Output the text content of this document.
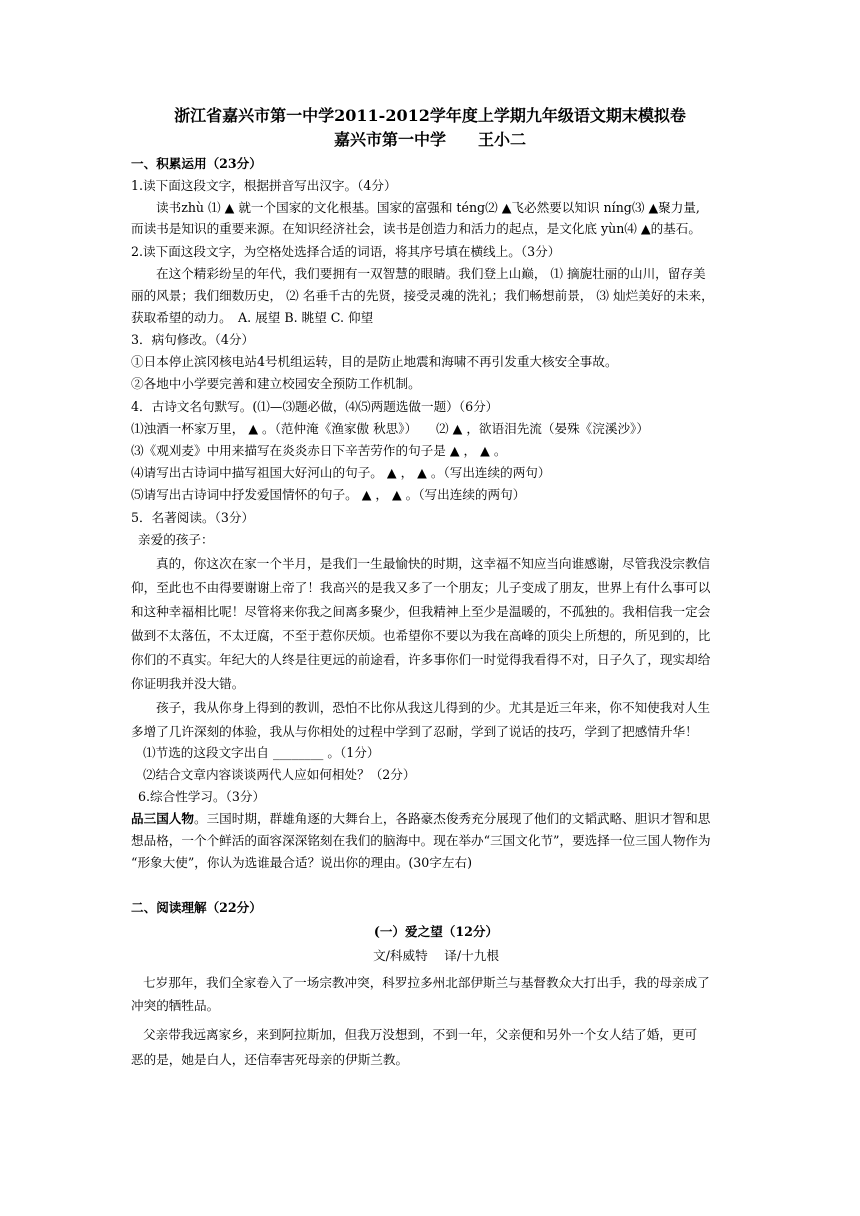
浙江省嘉兴市第一中学2011-2012学年度上学期九年级语文期末模拟卷
嘉兴市第一中学　　王小二
一、积累运用（23分）
1.读下面这段文字，根据拼音写出汉字。（4分）
读书zhù ⑴ ▲ 就一个国家的文化根基。国家的富强和 téng⑵ ▲飞必然要以知识 níng⑶ ▲聚力量,
而读书是知识的重要来源。在知识经济社会，读书是创造力和活力的起点，是文化底 yùn⑷ ▲的基石。
2.读下面这段文字，为空格处选择合适的词语，将其序号填在横线上。（3分）
在这个精彩纷呈的年代，我们要拥有一双智慧的眼睛。我们登上山巅， ⑴ 摘旎壮丽的山川，留存美
丽的风景；我们细数历史， ⑵ 名垂千古的先贤，接受灵魂的洗礼；我们畅想前景， ⑶ 灿烂美好的未来，
获取希望的动力。　A. 展望 B. 眺望 C. 仰望
3．病句修改。（4分）
①日本停止滨冈核电站4号机组运转，目的是防止地震和海啸不再引发重大核安全事故。
②各地中小学要完善和建立校园安全预防工作机制。
4．古诗文名句默写。(⑴—⑶题必做，⑷⑸两题选做一题）（6分）
⑴浊酒一杯家万里， ▲ 。（范仲淹《渔家傲 秋思》）　　⑵ ▲ ，欲语泪先流（晏殊《浣溪沙》）
⑶《观刈麦》中用来描写在炎炎赤日下辛苦劳作的句子是 ▲ ， ▲ 。
⑷请写出古诗词中描写祖国大好河山的句子。 ▲ ， ▲ 。（写出连续的两句）
⑸请写出古诗词中抒发爱国情怀的句子。 ▲ ， ▲ 。（写出连续的两句）
5．名著阅读。（3分）
亲爱的孩子：
真的，你这次在家一个半月，是我们一生最愉快的时期，这幸福不知应当向谁感谢，尽管我没宗教信
仰，至此也不由得要谢谢上帝了！我高兴的是我又多了一个朋友；儿子变成了朋友，世界上有什么事可以
和这种幸福相比呢！尽管将来你我之间离多聚少，但我精神上至少是温暖的，不孤独的。我相信我一定会
做到不太落伍，不太迂腐，不至于惹你厌烦。也希望你不要以为我在高峰的顶尖上所想的，所见到的，比
你们的不真实。年纪大的人终是往更远的前途看，许多事你们一时觉得我看得不对，日子久了，现实却给
你证明我并没大错。
孩子，我从你身上得到的教训，恐怕不比你从我这儿得到的少。尤其是近三年来，你不知使我对人生
多增了几许深刻的体验，我从与你相处的过程中学到了忍耐，学到了说话的技巧，学到了把感情升华！
⑴节选的这段文字出自 ________ 。（1分）
⑵结合文章内容谈谈两代人应如何相处？（2分）
6.综合性学习。（3分）
品三国人物。三国时期，群雄角逐的大舞台上，各路豪杰俊秀充分展现了他们的文韬武略、胆识才智和思
想品格，一个个鲜活的面容深深铭刻在我们的脑海中。现在举办“三国文化节”，要选择一位三国人物作为
“形象大使”，你认为选谁最合适？说出你的理由。(30字左右)
二、阅读理解（22分）
(一）爱之望（12分）
文/科威特　 译/十九根
七岁那年，我们全家卷入了一场宗教冲突，科罗拉多州北部伊斯兰与基督教众大打出手，我的母亲成了
冲突的牺牲品。
父亲带我远离家乡，来到阿拉斯加，但我万没想到，不到一年，父亲便和另外一个女人结了婚，更可
恶的是，她是白人，还信奉害死母亲的伊斯兰教。
